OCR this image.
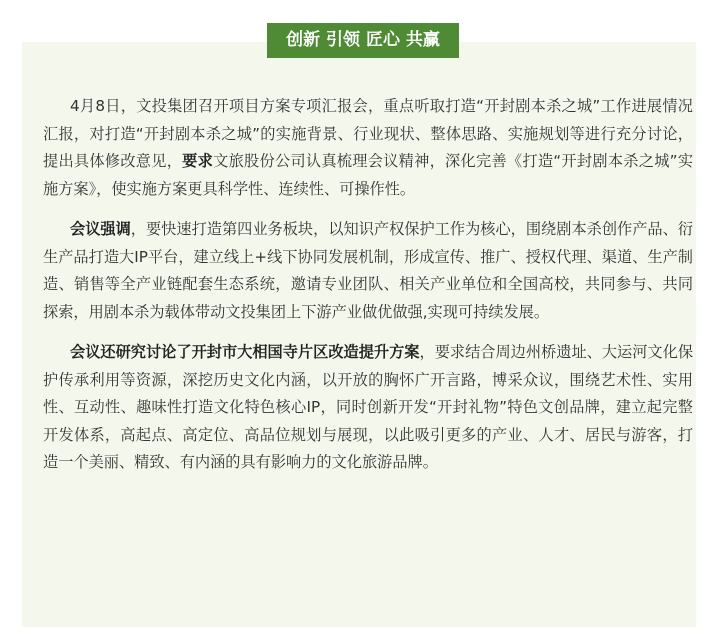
创新 引领 匠心 共赢

4月8日，文投集团召开项目方案专项汇报会，重点听取打造“开封剧本杀之城”工作进展情况汇报，对打造“开封剧本杀之城”的实施背景、行业现状、整体思路、实施规划等进行充分讨论，提出具体修改意见，要求文旅股份公司认真梳理会议精神，深化完善《打造“开封剧本杀之城”实施方案》，使实施方案更具科学性、连续性、可操作性。

会议强调，要快速打造第四业务板块，以知识产权保护工作为核心，围绕剧本杀创作产品、衍生产品打造大IP平台，建立线上+线下协同发展机制，形成宣传、推广、授权代理、渠道、生产制造、销售等全产业链配套生态系统，邀请专业团队、相关产业单位和全国高校，共同参与、共同探索，用剧本杀为载体带动文投集团上下游产业做优做强,实现可持续发展。

会议还研究讨论了开封市大相国寺片区改造提升方案，要求结合周边州桥遗址、大运河文化保护传承利用等资源，深挖历史文化内涵，以开放的胸怀广开言路，博采众议，围绕艺术性、实用性、互动性、趣味性打造文化特色核心IP，同时创新开发“开封礼物”特色文创品牌，建立起完整开发体系，高起点、高定位、高品位规划与展现，以此吸引更多的产业、人才、居民与游客，打造一个美丽、精致、有内涵的具有影响力的文化旅游品牌。
